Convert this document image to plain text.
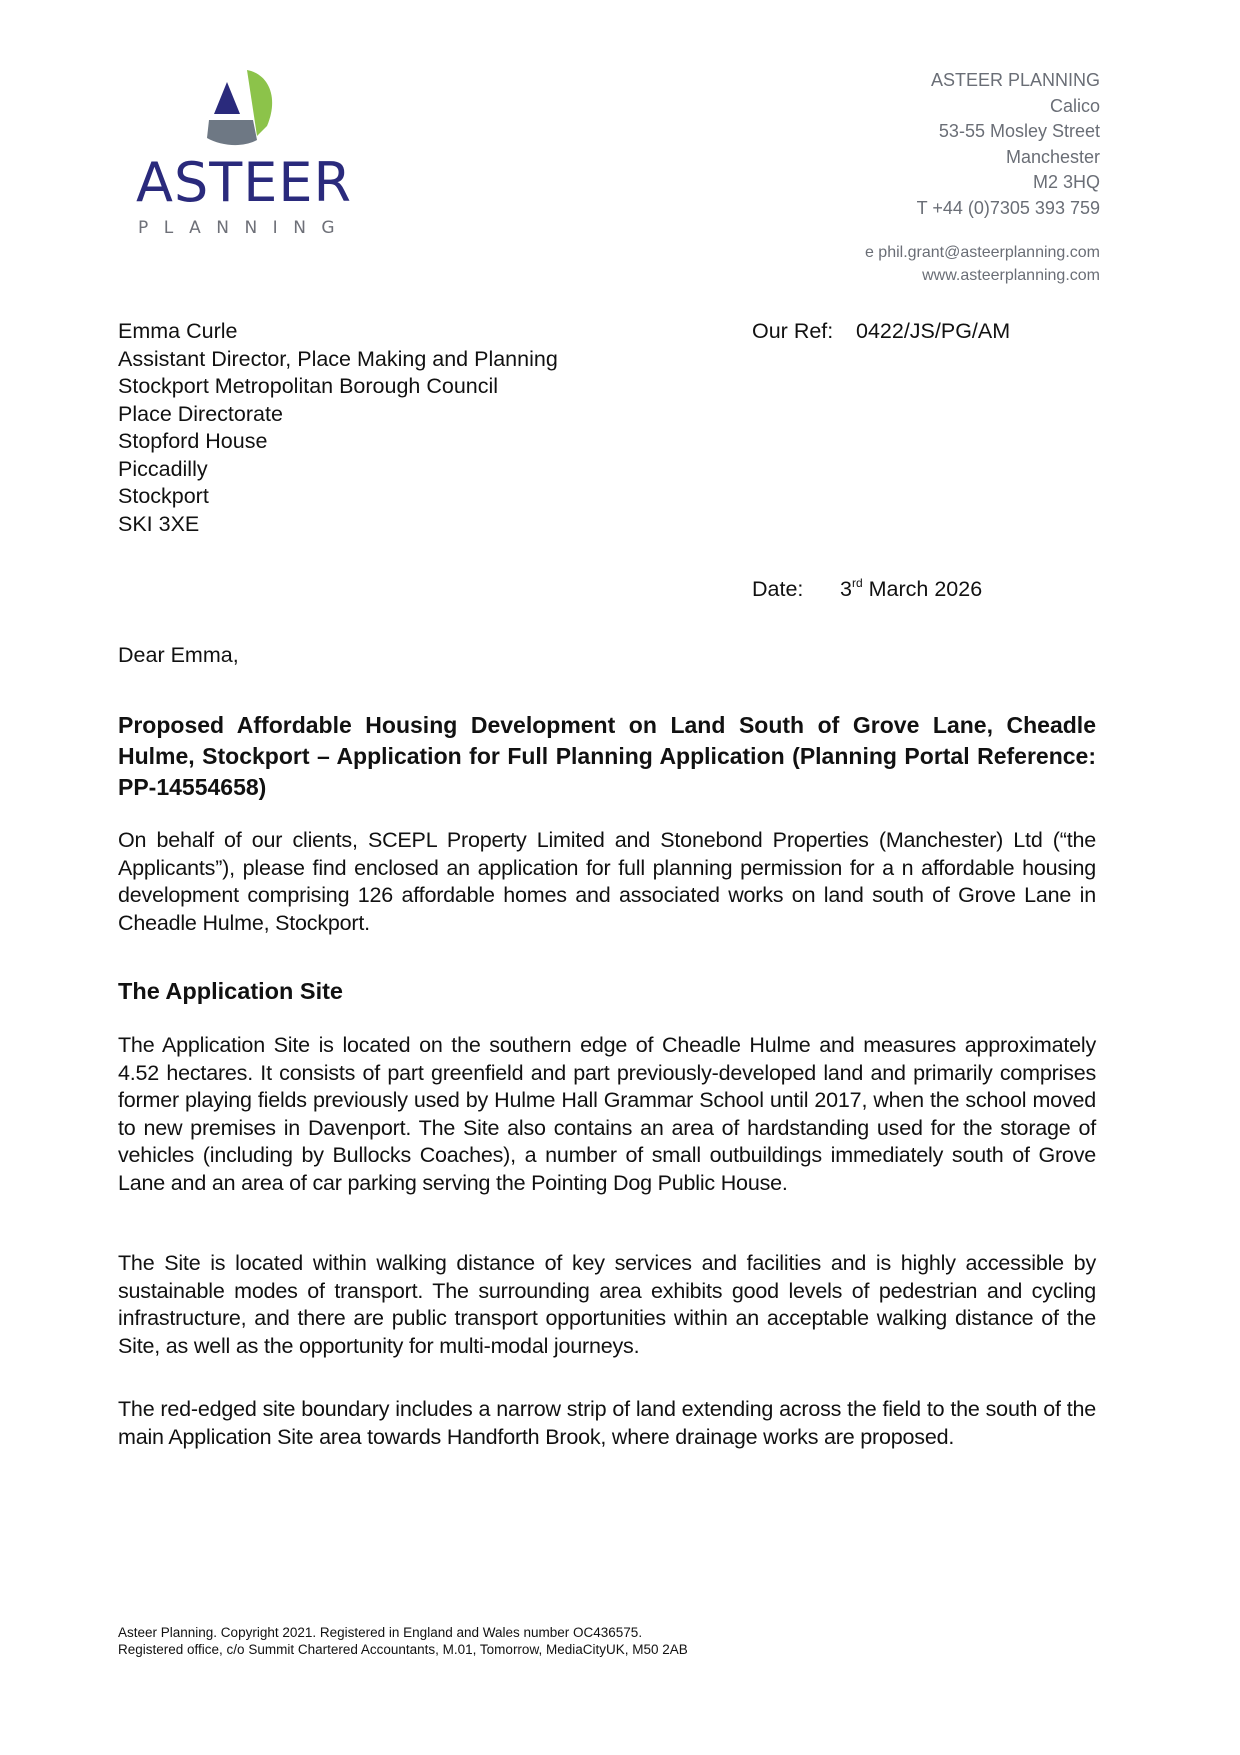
ASTEER
PLANNING
ASTEER PLANNING
Calico
53-55 Mosley Street
Manchester
M2 3HQ
T +44 (0)7305 393 759
e phil.grant@asteerplanning.com
www.asteerplanning.com
Emma Curle
Assistant Director, Place Making and Planning
Stockport Metropolitan Borough Council
Place Directorate
Stopford House
Piccadilly
Stockport
SKI 3XE
Our Ref: 0422/JS/PG/AM
Date: 3rd March 2026
Dear Emma,
Proposed Affordable Housing Development on Land South of Grove Lane, Cheadle Hulme, Stockport – Application for Full Planning Application (Planning Portal Reference: PP-14554658)
On behalf of our clients, SCEPL Property Limited and Stonebond Properties (Manchester) Ltd (“the Applicants”), please find enclosed an application for full planning permission for a n affordable housing development comprising 126 affordable homes and associated works on land south of Grove Lane in Cheadle Hulme, Stockport.
The Application Site
The Application Site is located on the southern edge of Cheadle Hulme and measures approximately 4.52 hectares. It consists of part greenfield and part previously-developed land and primarily comprises former playing fields previously used by Hulme Hall Grammar School until 2017, when the school moved to new premises in Davenport. The Site also contains an area of hardstanding used for the storage of vehicles (including by Bullocks Coaches), a number of small outbuildings immediately south of Grove Lane and an area of car parking serving the Pointing Dog Public House.
The Site is located within walking distance of key services and facilities and is highly accessible by sustainable modes of transport. The surrounding area exhibits good levels of pedestrian and cycling infrastructure, and there are public transport opportunities within an acceptable walking distance of the Site, as well as the opportunity for multi-modal journeys.
The red-edged site boundary includes a narrow strip of land extending across the field to the south of the main Application Site area towards Handforth Brook, where drainage works are proposed.
Asteer Planning. Copyright 2021. Registered in England and Wales number OC436575.
Registered office, c/o Summit Chartered Accountants, M.01, Tomorrow, MediaCityUK, M50 2AB
